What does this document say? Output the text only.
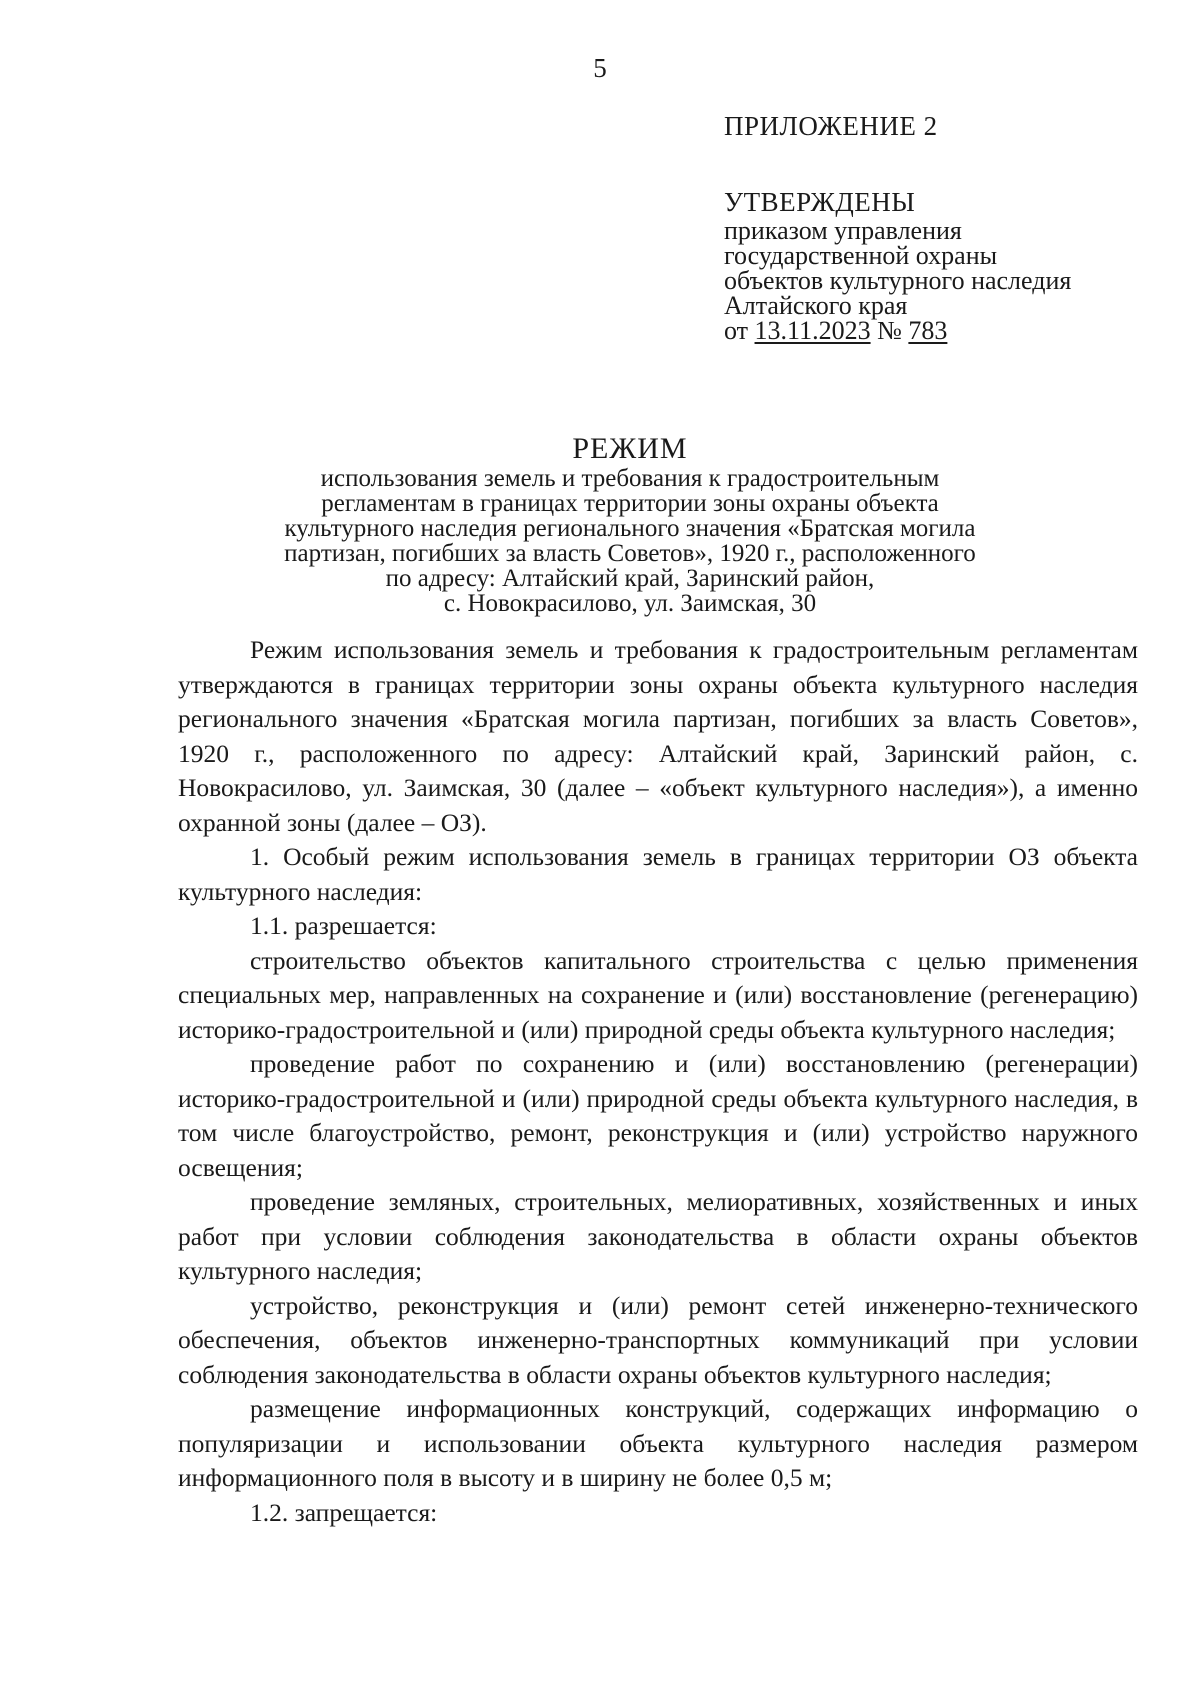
5
ПРИЛОЖЕНИЕ 2
УТВЕРЖДЕНЫ
приказом управления
государственной охраны
объектов культурного наследия
Алтайского края
от 13.11.2023 № 783
РЕЖИМ
использования земель и требования к градостроительным
регламентам в границах территории зоны охраны объекта
культурного наследия регионального значения «Братская могила
партизан, погибших за власть Советов», 1920 г., расположенного
по адресу: Алтайский край, Заринский район,
с. Новокрасилово, ул. Заимская, 30

Режим использования земель и требования к градостроительным регламентам утверждаются в границах территории зоны охраны объекта культурного наследия регионального значения «Братская могила партизан, погибших за власть Советов», 1920 г., расположенного по адресу: Алтайский край, Заринский район, с. Новокрасилово, ул. Заимская, 30 (далее – «объект культурного наследия»), а именно охранной зоны (далее – ОЗ).

1. Особый режим использования земель в границах территории ОЗ объекта культурного наследия:

1.1. разрешается:

строительство объектов капитального строительства с целью применения специальных мер, направленных на сохранение и (или) восстановление (регенерацию) историко-градостроительной и (или) природной среды объекта культурного наследия;

проведение работ по сохранению и (или) восстановлению (регенерации) историко-градостроительной и (или) природной среды объекта культурного наследия, в том числе благоустройство, ремонт, реконструкция и (или) устройство наружного освещения;

проведение земляных, строительных, мелиоративных, хозяйственных и иных работ при условии соблюдения законодательства в области охраны объектов культурного наследия;

устройство, реконструкция и (или) ремонт сетей инженерно-технического обеспечения, объектов инженерно-транспортных коммуникаций при условии соблюдения законодательства в области охраны объектов культурного наследия;

размещение информационных конструкций, содержащих информацию о популяризации и использовании объекта культурного наследия размером информационного поля в высоту и в ширину не более 0,5 м;

1.2. запрещается:
